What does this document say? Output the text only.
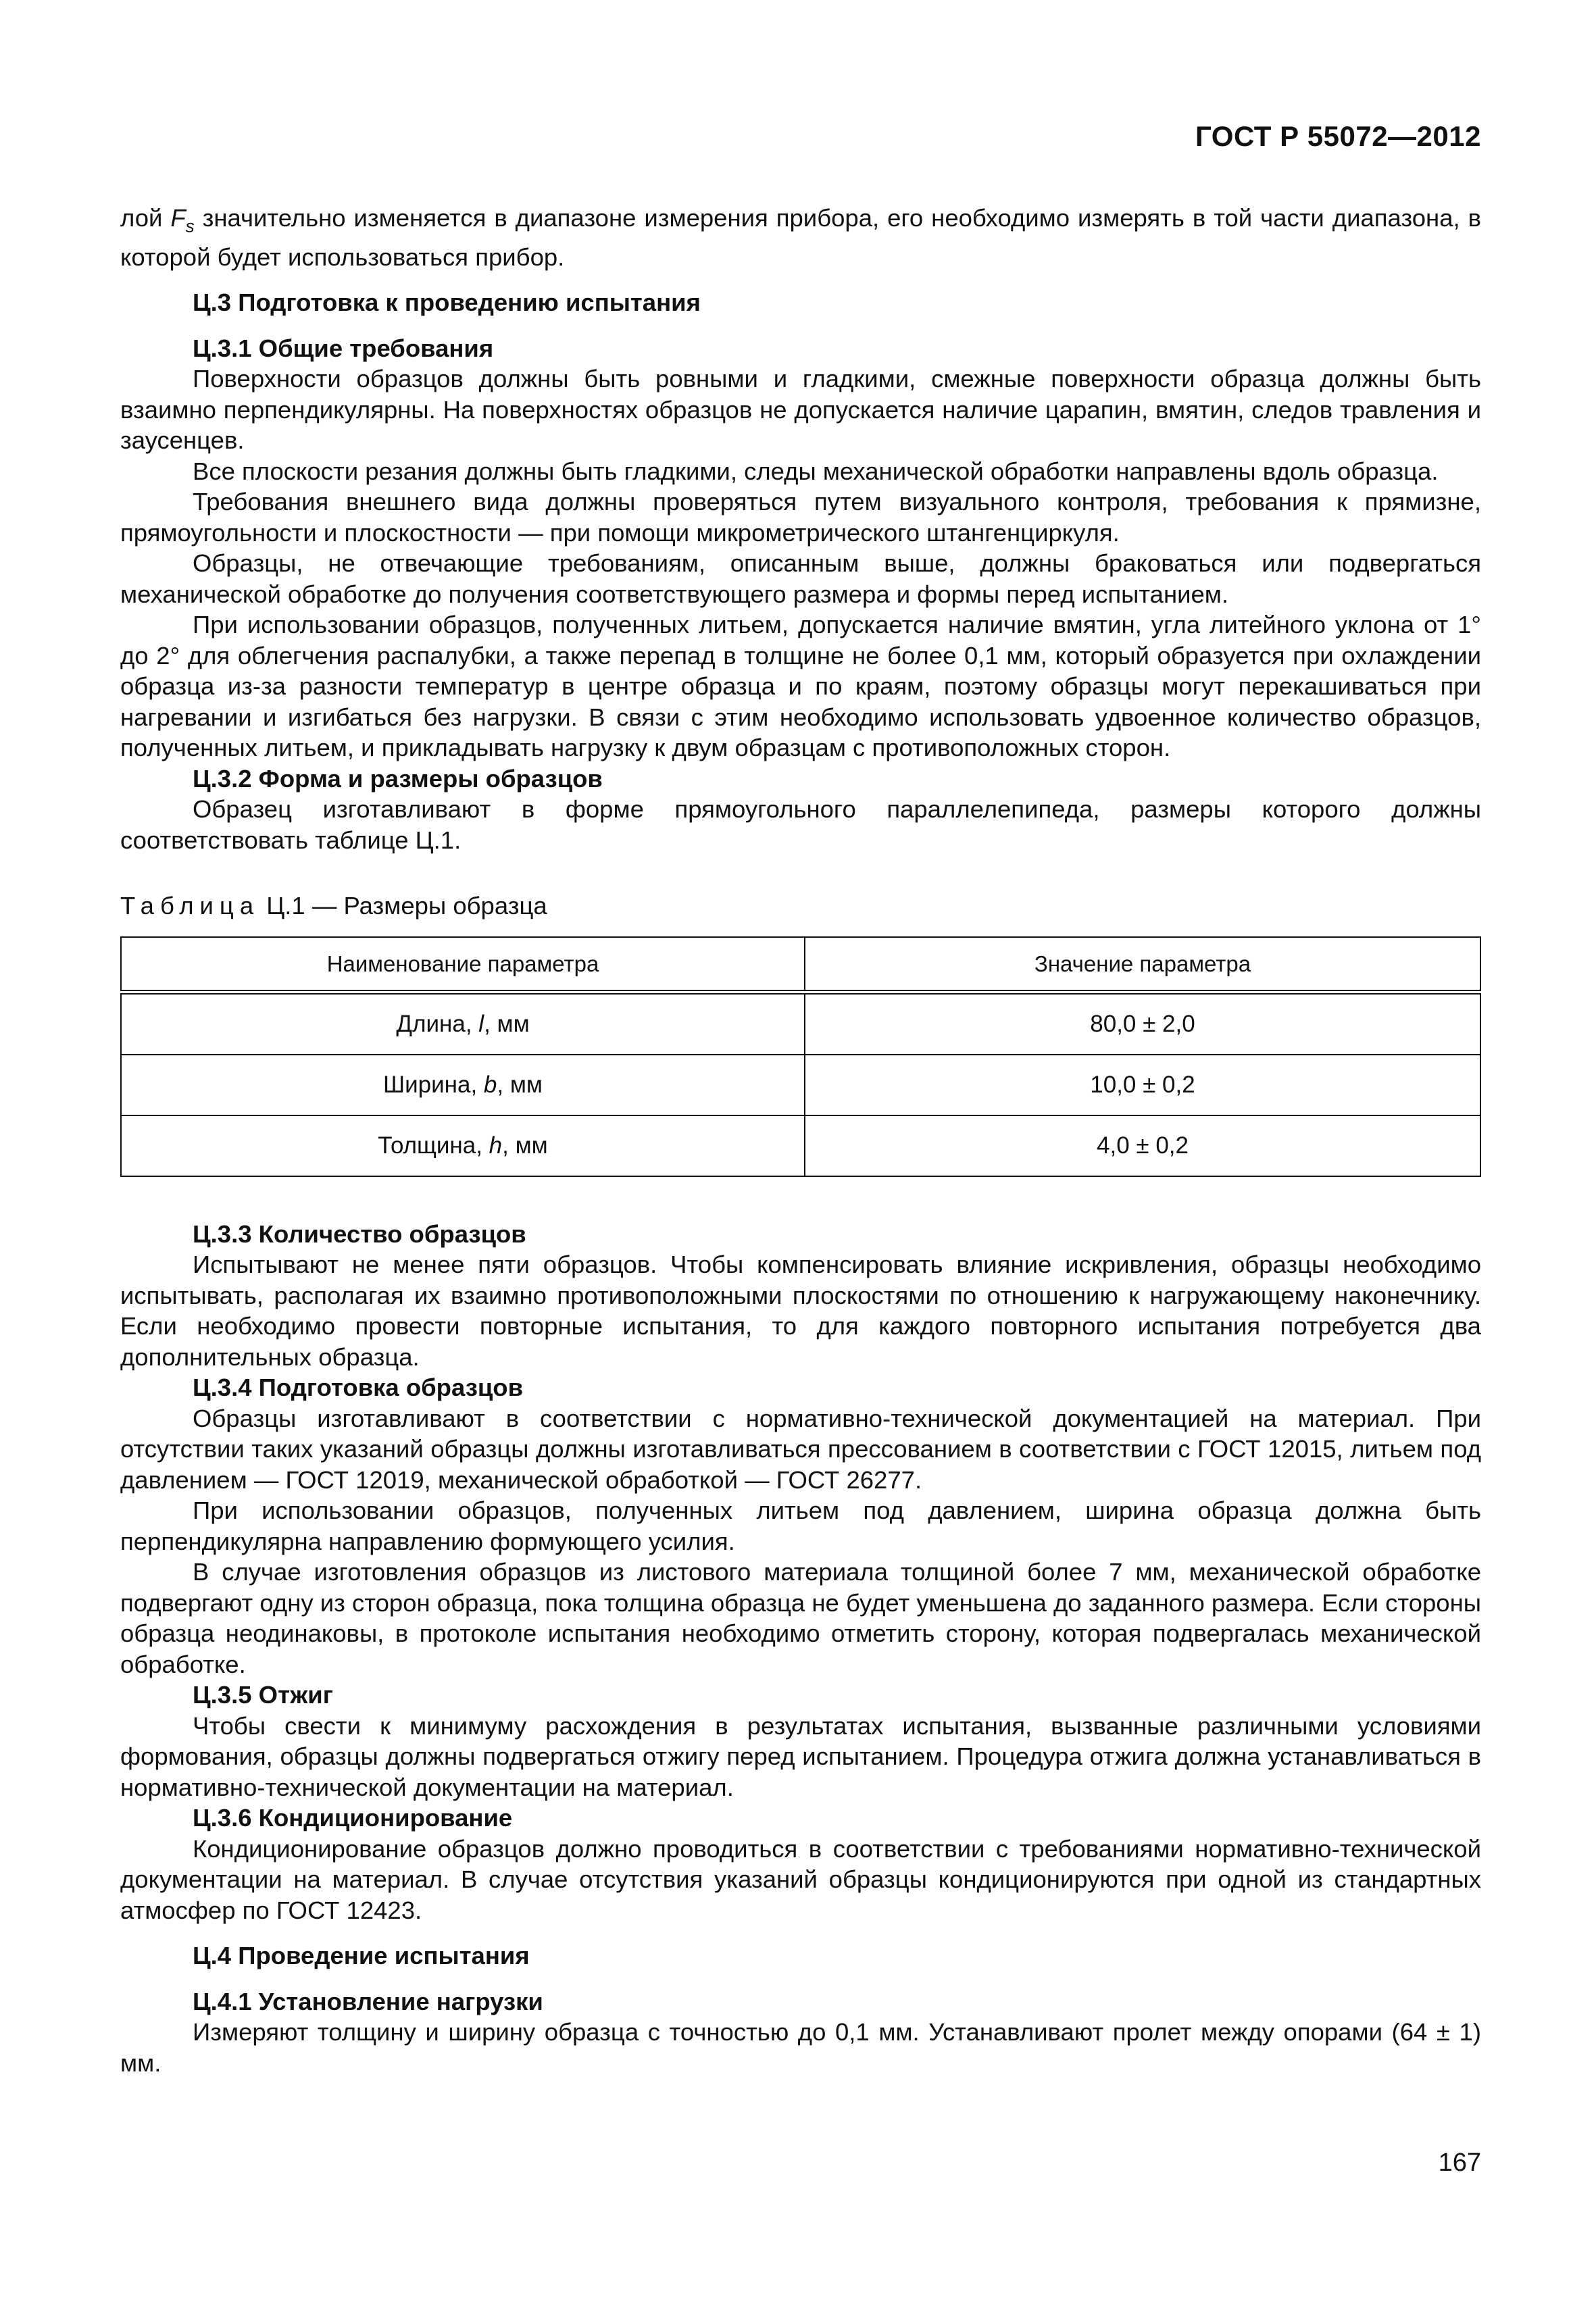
ГОСТ Р 55072—2012

лой $F_s$ значительно изменяется в диапазоне измерения прибора, его необходимо измерять в той части диапазона, в которой будет использоваться прибор.

Ц.3 Подготовка к проведению испытания

Ц.3.1 Общие требования

Поверхности образцов должны быть ровными и гладкими, смежные поверхности образца должны быть взаимно перпендикулярны. На поверхностях образцов не допускается наличие царапин, вмятин, следов травления и заусенцев.

Все плоскости резания должны быть гладкими, следы механической обработки направлены вдоль образца.

Требования внешнего вида должны проверяться путем визуального контроля, требования к прямизне, прямоугольности и плоскостности — при помощи микрометрического штангенциркуля.

Образцы, не отвечающие требованиям, описанным выше, должны браковаться или подвергаться механической обработке до получения соответствующего размера и формы перед испытанием.

При использовании образцов, полученных литьем, допускается наличие вмятин, угла литейного уклона от 1° до 2° для облегчения распалубки, а также перепад в толщине не более 0,1 мм, который образуется при охлаждении образца из-за разности температур в центре образца и по краям, поэтому образцы могут перекашиваться при нагревании и изгибаться без нагрузки. В связи с этим необходимо использовать удвоенное количество образцов, полученных литьем, и прикладывать нагрузку к двум образцам с противоположных сторон.

Ц.3.2 Форма и размеры образцов

Образец изготавливают в форме прямоугольного параллелепипеда, размеры которого должны соответствовать таблице Ц.1.

Таблица Ц.1 — Размеры образца

Наименование параметра	Значение параметра
Длина, l, мм	80,0 ± 2,0
Ширина, b, мм	10,0 ± 0,2
Толщина, h, мм	4,0 ± 0,2

Ц.3.3 Количество образцов

Испытывают не менее пяти образцов. Чтобы компенсировать влияние искривления, образцы необходимо испытывать, располагая их взаимно противоположными плоскостями по отношению к нагружающему наконечнику. Если необходимо провести повторные испытания, то для каждого повторного испытания потребуется два дополнительных образца.

Ц.3.4 Подготовка образцов

Образцы изготавливают в соответствии с нормативно-технической документацией на материал. При отсутствии таких указаний образцы должны изготавливаться прессованием в соответствии с ГОСТ 12015, литьем под давлением — ГОСТ 12019, механической обработкой — ГОСТ 26277.

При использовании образцов, полученных литьем под давлением, ширина образца должна быть перпендикулярна направлению формующего усилия.

В случае изготовления образцов из листового материала толщиной более 7 мм, механической обработке подвергают одну из сторон образца, пока толщина образца не будет уменьшена до заданного размера. Если стороны образца неодинаковы, в протоколе испытания необходимо отметить сторону, которая подвергалась механической обработке.

Ц.3.5 Отжиг

Чтобы свести к минимуму расхождения в результатах испытания, вызванные различными условиями формования, образцы должны подвергаться отжигу перед испытанием. Процедура отжига должна устанавливаться в нормативно-технической документации на материал.

Ц.3.6 Кондиционирование

Кондиционирование образцов должно проводиться в соответствии с требованиями нормативно-технической документации на материал. В случае отсутствия указаний образцы кондиционируются при одной из стандартных атмосфер по ГОСТ 12423.

Ц.4 Проведение испытания

Ц.4.1 Установление нагрузки

Измеряют толщину и ширину образца с точностью до 0,1 мм. Устанавливают пролет между опорами (64 ± 1) мм.

167
